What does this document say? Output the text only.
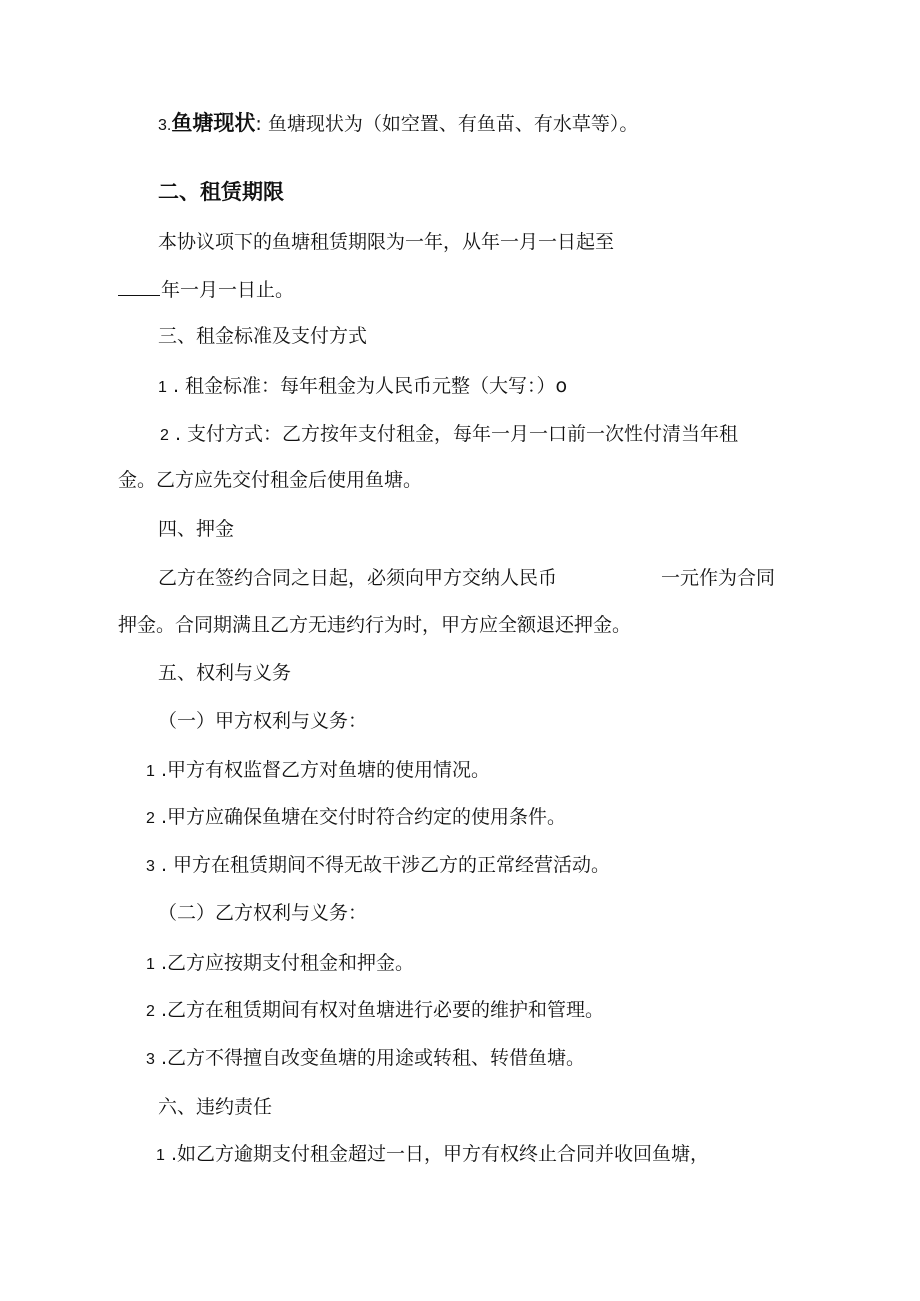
3.鱼塘现状: 鱼塘现状为（如空置、有鱼苗、有水草等）。
二、租赁期限
本协议项下的鱼塘租赁期限为一年，从年一月一日起至
年一月一日止。
三、租金标准及支付方式
1 . 租金标准：每年租金为人民币元整（大写：）o
2 . 支付方式：乙方按年支付租金，每年一月一口前一次性付清当年租
金。乙方应先交付租金后使用鱼塘。
四、押金
乙方在签约合同之日起，必须向甲方交纳人民币	一元作为合同
押金。合同期满且乙方无违约行为时，甲方应全额退还押金。
五、权利与义务
（一）甲方权利与义务：
1 .甲方有权监督乙方对鱼塘的使用情况。
2 .甲方应确保鱼塘在交付时符合约定的使用条件。
3 . 甲方在租赁期间不得无故干涉乙方的正常经营活动。
（二）乙方权利与义务：
1 .乙方应按期支付租金和押金。
2 .乙方在租赁期间有权对鱼塘进行必要的维护和管理。
3 .乙方不得擅自改变鱼塘的用途或转租、转借鱼塘。
六、违约责任
1 .如乙方逾期支付租金超过一日，甲方有权终止合同并收回鱼塘，
